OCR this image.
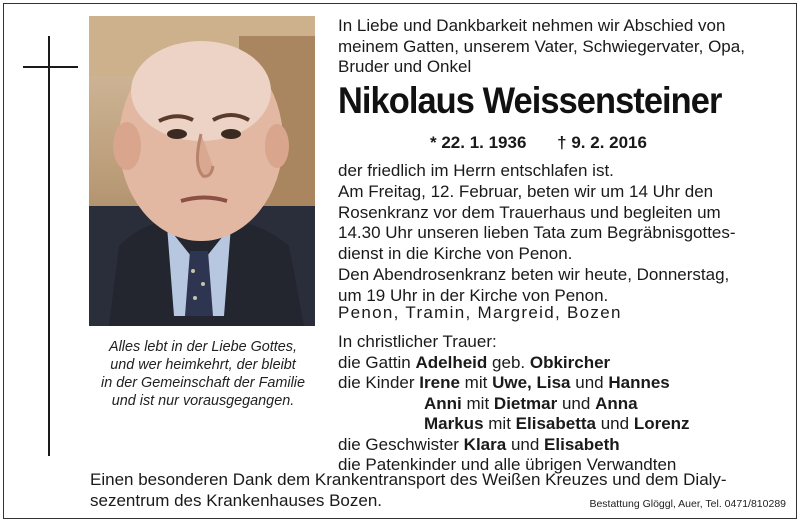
Alles lebt in der Liebe Gottes,
und wer heimkehrt, der bleibt
in der Gemeinschaft der Familie
und ist nur vorausgegangen.
In Liebe und Dankbarkeit nehmen wir Abschied von
meinem Gatten, unserem Vater, Schwiegervater, Opa,
Bruder und Onkel
Nikolaus Weissensteiner
* 22. 1. 1936 † 9. 2. 2016

der friedlich im Herrn entschlafen ist.

Am Freitag, 12. Februar, beten wir um 14 Uhr den

Rosenkranz vor dem Trauerhaus und begleiten um

14.30 Uhr unseren lieben Tata zum Begräbnisgottes-

dienst in die Kirche von Penon.

Den Abendrosenkranz beten wir heute, Donnerstag,

um 19 Uhr in der Kirche von Penon.

Penon, Tramin, Margreid, Bozen

In christlicher Trauer:

die Gattin Adelheid geb. Obkircher

die Kinder Irene mit Uwe, Lisa und Hannes

Anni mit Dietmar und Anna

Markus mit Elisabetta und Lorenz

die Geschwister Klara und Elisabeth

die Patenkinder und alle übrigen Verwandten

Einen besonderen Dank dem Krankentransport des Weißen Kreuzes und dem Dialy-
sezentrum des Krankenhauses Bozen.	Bestattung Glöggl, Auer, Tel. 0471/810289
